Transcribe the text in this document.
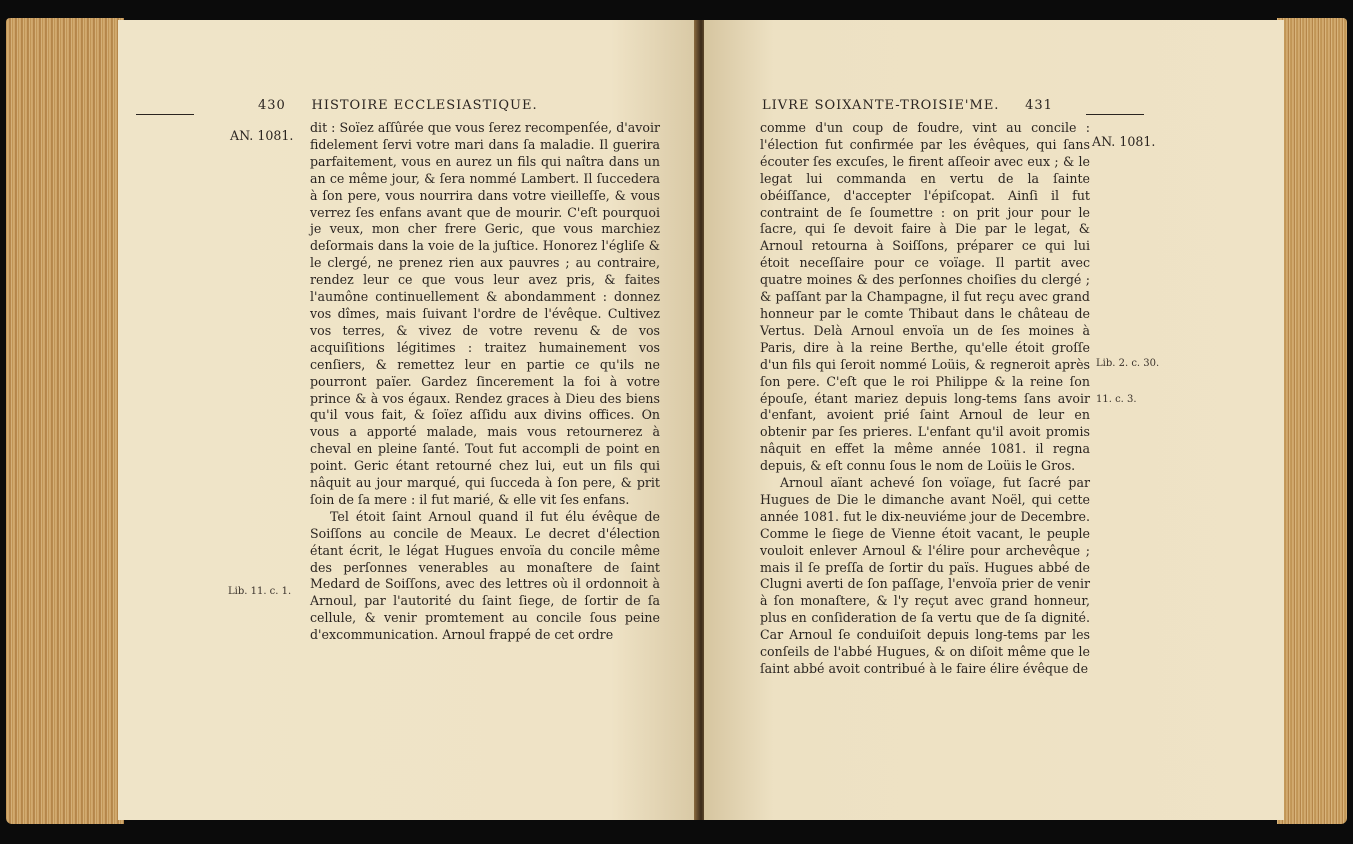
430 HISTOIRE ECCLESIASTIQUE.
AN. 1081.

dit : Soïez aſſûrée que vous ſerez recompenſée, d'avoir fidelement ſervi votre mari dans ſa maladie. Il guerira parfaitement, vous en aurez un fils qui naîtra dans un an ce même jour, & ſera nommé Lambert. Il ſuccedera à ſon pere, vous nourrira dans votre vieilleſſe, & vous verrez ſes enfans avant que de mourir. C'eſt pourquoi je veux, mon cher frere Geric, que vous marchiez deſormais dans la voie de la juſtice. Honorez l'égliſe & le clergé, ne prenez rien aux pauvres ; au contraire, rendez leur ce que vous leur avez pris, & faites l'aumône continuellement & abondamment : donnez vos dîmes, mais ſuivant l'ordre de l'évêque. Cultivez vos terres, & vivez de votre revenu & de vos acquiſitions légitimes : traitez humainement vos cenſiers, & remettez leur en partie ce qu'ils ne pourront païer. Gardez ſincerement la foi à votre prince & à vos égaux. Rendez graces à Dieu des biens qu'il vous fait, & ſoïez aſſidu aux divins offices. On vous a apporté malade, mais vous retournerez à cheval en pleine ſanté. Tout fut accompli de point en point. Geric étant retourné chez lui, eut un fils qui nâquit au jour marqué, qui ſucceda à ſon pere, & prit ſoin de ſa mere : il fut marié, & elle vit ſes enfans.

Tel étoit ſaint Arnoul quand il fut élu évêque de Soiſſons au concile de Meaux. Le decret d'élection étant écrit, le légat Hugues envoïa du concile même des perſonnes venerables au monaſtere de ſaint Medard de Soiſſons, avec des lettres où il ordonnoit à Arnoul, par l'autorité du ſaint ſiege, de ſortir de ſa cellule, & venir promtement au concile ſous peine d'excommunication. Arnoul frappé de cet ordre

Lib. 11. c. 1.
LIVRE SOIXANTE-TROISIE'ME. 431
AN. 1081.

comme d'un coup de foudre, vint au concile : l'élection fut confirmée par les évêques, qui ſans écouter ſes excuſes, le firent aſſeoir avec eux ; & le legat lui commanda en vertu de la ſainte obéiſſance, d'accepter l'épiſcopat. Ainſi il fut contraint de ſe ſoumettre : on prit jour pour le ſacre, qui ſe devoit faire à Die par le legat, & Arnoul retourna à Soiſſons, préparer ce qui lui étoit neceſſaire pour ce voïage. Il partit avec quatre moines & des perſonnes choiſies du clergé ; & paſſant par la Champagne, il fut reçu avec grand honneur par le comte Thibaut dans le château de Vertus. Delà Arnoul envoïa un de ſes moines à Paris, dire à la reine Berthe, qu'elle étoit groſſe d'un fils qui ſeroit nommé Loüis, & regneroit après ſon pere. C'eſt que le roi Philippe & la reine ſon épouſe, étant mariez depuis long-tems ſans avoir d'enfant, avoient prié ſaint Arnoul de leur en obtenir par ſes prieres. L'enfant qu'il avoit promis nâquit en effet la même année 1081. il regna depuis, & eſt connu ſous le nom de Loüis le Gros.

Arnoul aïant achevé ſon voïage, fut ſacré par Hugues de Die le dimanche avant Noël, qui cette année 1081. fut le dix-neuviéme jour de Decembre. Comme le ſiege de Vienne étoit vacant, le peuple vouloit enlever Arnoul & l'élire pour archevêque ; mais il ſe preſſa de ſortir du païs. Hugues abbé de Clugni averti de ſon paſſage, l'envoïa prier de venir à ſon monaſtere, & l'y reçut avec grand honneur, plus en conſideration de ſa vertu que de ſa dignité. Car Arnoul ſe conduiſoit depuis long-tems par les conſeils de l'abbé Hugues, & on diſoit même que le ſaint abbé avoit contribué à le faire élire évêque de

Lib. 2. c. 30.
11. c. 3.
